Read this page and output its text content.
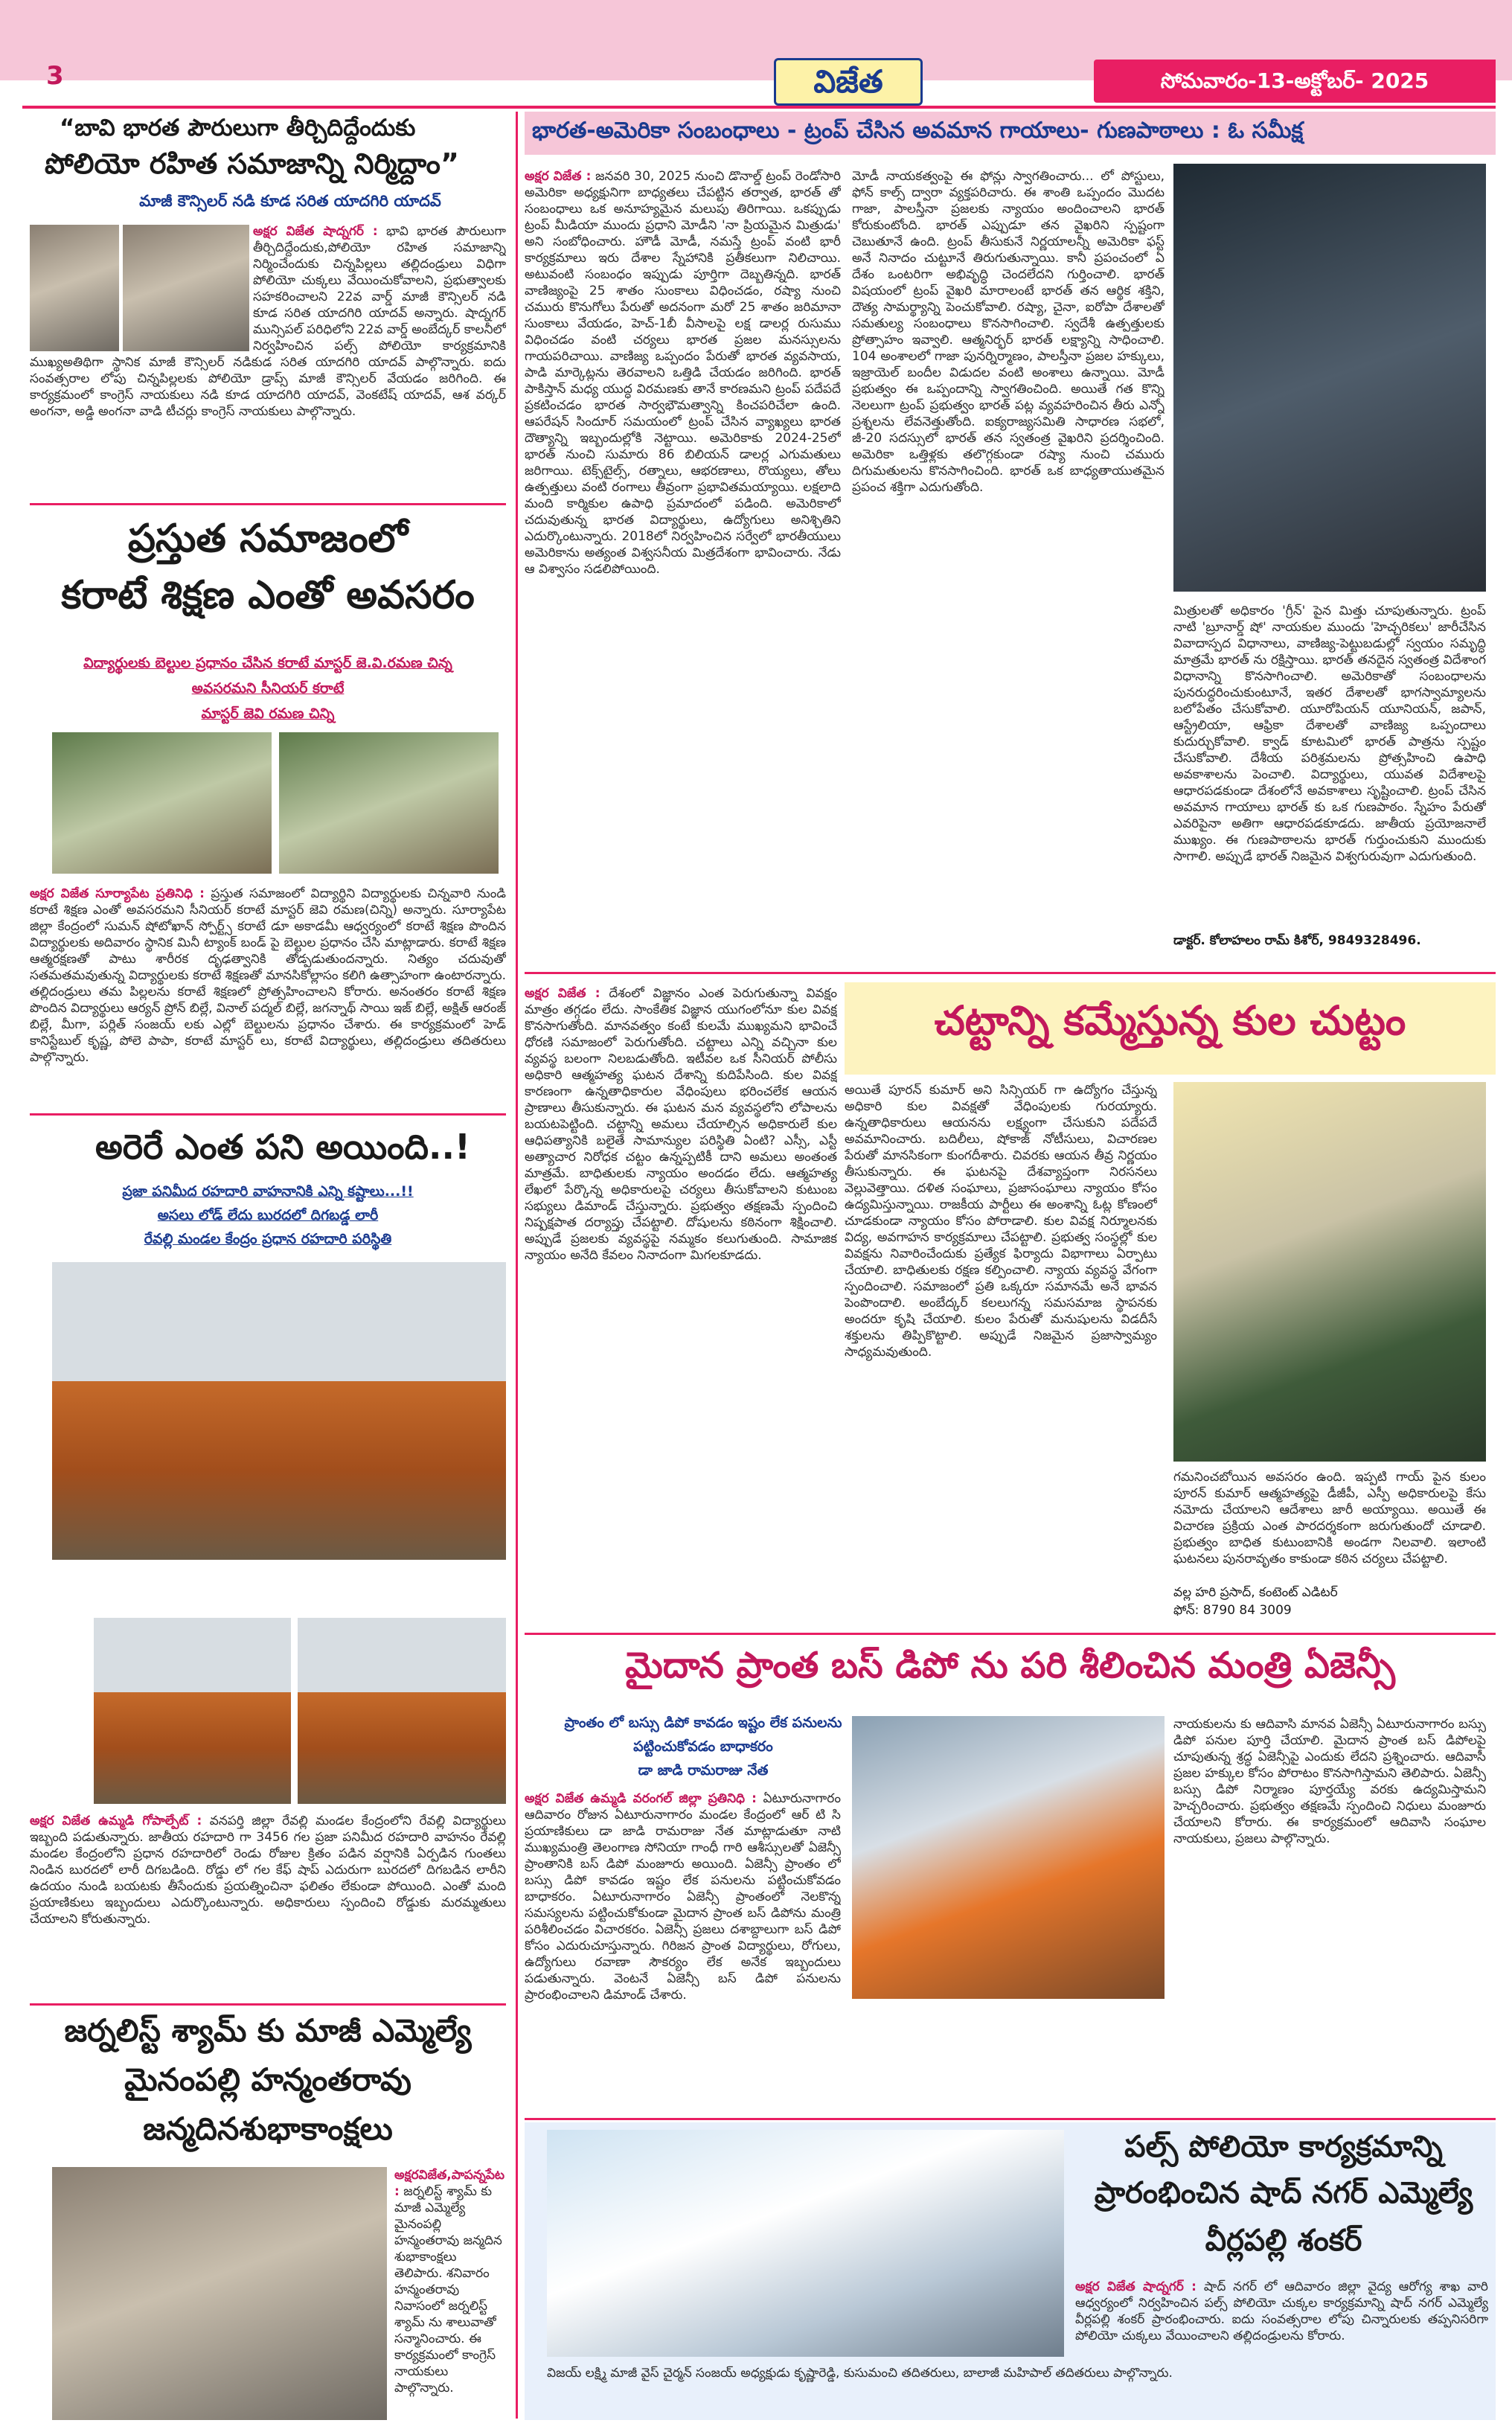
3	విజేత	సోమవారం-13-అక్టోబర్- 2025
“బావి భారత పౌరులుగా తీర్చిదిద్దేందుకు
పోలియో రహిత సమాజాన్ని నిర్మిద్దాం”
మాజీ కౌన్సిలర్ నడి కూడ సరిత యాదగిరి యాదవ్
అక్షర విజేత షాద్నగర్ : భావి భారత పౌరులుగా తీర్చిదిద్దేందుకు,పోలియో రహిత సమాజాన్ని నిర్మించేందుకు చిన్నపిల్లలు తల్లిదండ్రులు విధిగా పోలియో చుక్కలు వేయించుకోవాలని, ప్రభుత్వాలకు సహకరించాలని 22వ వార్డ్ మాజీ కౌన్సిలర్ నడి కూడ సరిత యాదగిరి యాదవ్ అన్నారు. షాద్నగర్ మున్సిపల్ పరిధిలోని 22వ వార్డ్ అంబేద్కర్ కాలనీలో నిర్వహించిన పల్స్ పోలియో కార్యక్రమానికి ముఖ్యఅతిథిగా స్థానిక మాజీ కౌన్సిలర్ నడికుడ సరిత యాదగిరి యాదవ్ పాల్గొన్నారు. ఐదు సంవత్సరాల లోపు చిన్నపిల్లలకు పోలియో డ్రాప్స్ మాజీ కౌన్సిలర్ వేయడం జరిగింది. ఈ కార్యక్రమంలో కాంగ్రెస్ నాయకులు నడి కూడ యాదగిరి యాదవ్, వెంకటేష్ యాదవ్, ఆశ వర్కర్ అంగనా, అడ్డి అంగనా వాడి టీచర్లు కాంగ్రెస్ నాయకులు పాల్గొన్నారు.
ప్రస్తుత సమాజంలో
కరాటే శిక్షణ ఎంతో అవసరం
విద్యార్థులకు బెల్టుల ప్రధానం చేసిన కరాటే మాస్టర్ జె.వి.రమణ చిన్న
అవసరమని సీనియర్ కరాటే
మాస్టర్ జెవి రమణ చిన్ని
అక్షర విజేత సూర్యాపేట ప్రతినిధి : ప్రస్తుత సమాజంలో విద్యార్థిని విద్యార్థులకు చిన్నవారి నుండి కరాటే శిక్షణ ఎంతో అవసరమని సీనియర్ కరాటే మాస్టర్ జెవి రమణ(చిన్ని) అన్నారు. సూర్యాపేట జిల్లా కేంద్రంలో సుమన్ షోటోఖాన్ స్పోర్ట్స్ కరాటే డూ అకాడమీ ఆధ్వర్యంలో కరాటే శిక్షణ పొందిన విద్యార్థులకు అదివారం స్థానిక మినీ ట్యాంక్ బండ్ పై బెల్టుల ప్రధానం చేసి మాట్లాడారు. కరాటే శిక్షణ ఆత్మరక్షణతో పాటు శారీరక దృఢత్వానికి తోడ్పడుతుందన్నారు. నిత్యం చదువుతో సతమతమవుతున్న విద్యార్థులకు కరాటే శిక్షణతో మానసికోల్లాసం కలిగి ఉత్సాహంగా ఉంటారన్నారు. తల్లిదండ్రులు తమ పిల్లలను కరాటే శిక్షణలో ప్రోత్సహించాలని కోరారు. అనంతరం కరాటే శిక్షణ పొందిన విద్యార్థులు ఆర్యన్ ప్రోన్ బిల్లే, వినాల్ పద్మల్ బిల్లే, జగన్నాథ్ సాయి ఇజ్ బిల్లే, అక్షిత్ ఆరంజ్ బిల్లే, మీగా, పర్లిత్ సంజయ్ లకు ఎల్లో బెల్టులను ప్రధానం చేశారు. ఈ కార్యక్రమంలో హెడ్ కానిస్టేబుల్ కృష్ణ, పోలె పాపా, కరాటే మాస్టర్ లు, కరాటే విద్యార్థులు, తల్లిదండ్రులు తదితరులు పాల్గొన్నారు.
అరెరే ఎంత పని అయింది..!
ప్రజా పనిమీద రహదారి వాహనానికి ఎన్ని కష్టాలు...!!
అసలు లోడ్ లేదు బురదలో దిగబడ్డ లారీ
రేవల్లి మండల కేంద్రం ప్రధాన రహదారి పరిస్థితి
అక్షర విజేత ఉమ్మడి గోపాల్పేట్ : వనపర్తి జిల్లా రేవల్లి మండల కేంద్రంలోని రేవల్లి విద్యార్థులు ఇబ్బంది పడుతున్నారు. జాతీయ రహదారి గా 3456 గల ప్రజా పనిమీద రహదారి వాహనం రేవల్లి మండల కేంద్రంలోని ప్రధాన రహదారిలో రెండు రోజుల క్రితం పడిన వర్షానికి ఏర్పడిన గుంతలు నిండిన బురదలో లారీ దిగబడింది. రోడ్డు లో గల కేఫ్ షాప్ ఎదురుగా బురదలో దిగబడిన లారీని ఉదయం నుండి బయటకు తీసేందుకు ప్రయత్నించినా ఫలితం లేకుండా పోయింది. ఎంతో మంది ప్రయాణికులు ఇబ్బందులు ఎదుర్కొంటున్నారు. అధికారులు స్పందించి రోడ్డుకు మరమ్మతులు చేయాలని కోరుతున్నారు.
జర్నలిస్ట్ శ్యామ్ కు మాజీ ఎమ్మెల్యే
మైనంపల్లి హన్మంతరావు
జన్మదినశుభాకాంక్షలు
అక్షరవిజేత,పాపన్నపేట : జర్నలిస్ట్ శ్యామ్ కు మాజీ ఎమ్మెల్యే మైనంపల్లి హన్మంతరావు జన్మదిన శుభాకాంక్షలు తెలిపారు. శనివారం హన్మంతరావు నివాసంలో జర్నలిస్ట్ శ్యామ్ ను శాలువాతో సన్మానించారు. ఈ కార్యక్రమంలో కాంగ్రెస్ నాయకులు పాల్గొన్నారు.
భారత-అమెరికా సంబంధాలు - ట్రంప్ చేసిన అవమాన గాయాలు- గుణపాఠాలు : ఓ సమీక్ష
అక్షర విజేత : జనవరి 30, 2025 నుంచి డొనాల్డ్ ట్రంప్ రెండోసారి అమెరికా అధ్యక్షునిగా బాధ్యతలు చేపట్టిన తర్వాత, భారత్ తో సంబంధాలు ఒక అనూహ్యమైన మలుపు తిరిగాయి. ఒకప్పుడు ట్రంప్ మీడియా ముందు ప్రధాని మోడీని 'నా ప్రియమైన మిత్రుడు' అని సంబోధించారు. హౌడీ మోడీ, నమస్తే ట్రంప్ వంటి భారీ కార్యక్రమాలు ఇరు దేశాల స్నేహానికి ప్రతీకలుగా నిలిచాయి. అటువంటి సంబంధం ఇప్పుడు పూర్తిగా దెబ్బతిన్నది. భారత్ వాణిజ్యంపై 25 శాతం సుంకాలు విధించడం, రష్యా నుంచి చమురు కొనుగోలు పేరుతో అదనంగా మరో 25 శాతం జరిమానా సుంకాలు వేయడం, హెచ్-1బీ వీసాలపై లక్ష డాలర్ల రుసుము విధించడం వంటి చర్యలు భారత ప్రజల మనస్సులను గాయపరిచాయి. వాణిజ్య ఒప్పందం పేరుతో భారత వ్యవసాయ, పాడి మార్కెట్లను తెరవాలని ఒత్తిడి చేయడం జరిగింది. భారత్ పాకిస్తాన్ మధ్య యుద్ధ విరమణకు తానే కారణమని ట్రంప్ పదేపదే ప్రకటించడం భారత సార్వభౌమత్వాన్ని కించపరిచేలా ఉంది. ఆపరేషన్ సిందూర్ సమయంలో ట్రంప్ చేసిన వ్యాఖ్యలు భారత దౌత్యాన్ని ఇబ్బందుల్లోకి నెట్టాయి. అమెరికాకు 2024-25లో భారత్ నుంచి సుమారు 86 బిలియన్ డాలర్ల ఎగుమతులు జరిగాయి. టెక్స్‌టైల్స్, రత్నాలు, ఆభరణాలు, రొయ్యలు, తోలు ఉత్పత్తులు వంటి రంగాలు తీవ్రంగా ప్రభావితమయ్యాయి. లక్షలాది మంది కార్మికుల ఉపాధి ప్రమాదంలో పడింది. అమెరికాలో చదువుతున్న భారత విద్యార్థులు, ఉద్యోగులు అనిశ్చితిని ఎదుర్కొంటున్నారు. 2018లో నిర్వహించిన సర్వేలో భారతీయులు అమెరికాను అత్యంత విశ్వసనీయ మిత్రదేశంగా భావించారు. నేడు ఆ విశ్వాసం సడలిపోయింది.
మోడీ నాయకత్వంపై ఈ ఫోన్లు స్వాగతించారు... లో పోస్టులు, ఫోన్ కాల్స్ ద్వారా వ్యక్తపరిచారు. ఈ శాంతి ఒప్పందం మొదట గాజా, పాలస్తీనా ప్రజలకు న్యాయం అందించాలని భారత్ కోరుకుంటోంది. భారత్ ఎప్పుడూ తన వైఖరిని స్పష్టంగా చెబుతూనే ఉంది. ట్రంప్ తీసుకునే నిర్ణయాలన్నీ అమెరికా ఫస్ట్ అనే నినాదం చుట్టూనే తిరుగుతున్నాయి. కానీ ప్రపంచంలో ఏ దేశం ఒంటరిగా అభివృద్ధి చెందలేదని గుర్తించాలి. భారత్ విషయంలో ట్రంప్ వైఖరి మారాలంటే భారత్ తన ఆర్థిక శక్తిని, దౌత్య సామర్థ్యాన్ని పెంచుకోవాలి. రష్యా, చైనా, ఐరోపా దేశాలతో సమతుల్య సంబంధాలు కొనసాగించాలి. స్వదేశీ ఉత్పత్తులకు ప్రోత్సాహం ఇవ్వాలి. ఆత్మనిర్భర్ భారత్ లక్ష్యాన్ని సాధించాలి. 104 అంశాలలో గాజా పునర్నిర్మాణం, పాలస్తీనా ప్రజల హక్కులు, ఇజ్రాయెల్ బందీల విడుదల వంటి అంశాలు ఉన్నాయి. మోడీ ప్రభుత్వం ఈ ఒప్పందాన్ని స్వాగతించింది. అయితే గత కొన్ని నెలలుగా ట్రంప్ ప్రభుత్వం భారత్ పట్ల వ్యవహరించిన తీరు ఎన్నో ప్రశ్నలను లేవనెత్తుతోంది. ఐక్యరాజ్యసమితి సాధారణ సభలో, జీ-20 సదస్సులో భారత్ తన స్వతంత్ర వైఖరిని ప్రదర్శించింది. అమెరికా ఒత్తిళ్లకు తలొగ్గకుండా రష్యా నుంచి చమురు దిగుమతులను కొనసాగించింది. భారత్ ఒక బాధ్యతాయుతమైన ప్రపంచ శక్తిగా ఎదుగుతోంది.
మిత్రులతో అధికారం 'గ్రీన్' పైన మిత్తు చూపుతున్నారు. ట్రంప్ నాటి 'బ్రూనార్డ్ షో' నాయకుల ముందు 'హెచ్చరికలు' జారీచేసిన వివాదాస్పద విధానాలు, వాణిజ్య-పెట్టుబడుల్లో స్వయం సమృద్ధి మాత్రమే భారత్ ను రక్షిస్తాయి. భారత్ తనదైన స్వతంత్ర విదేశాంగ విధానాన్ని కొనసాగించాలి. అమెరికాతో సంబంధాలను పునరుద్ధరించుకుంటూనే, ఇతర దేశాలతో భాగస్వామ్యాలను బలోపేతం చేసుకోవాలి. యూరోపియన్ యూనియన్, జపాన్, ఆస్ట్రేలియా, ఆఫ్రికా దేశాలతో వాణిజ్య ఒప్పందాలు కుదుర్చుకోవాలి. క్వాడ్ కూటమిలో భారత్ పాత్రను స్పష్టం చేసుకోవాలి. దేశీయ పరిశ్రమలను ప్రోత్సహించి ఉపాధి అవకాశాలను పెంచాలి. విద్యార్థులు, యువత విదేశాలపై ఆధారపడకుండా దేశంలోనే అవకాశాలు సృష్టించాలి. ట్రంప్ చేసిన అవమాన గాయాలు భారత్ కు ఒక గుణపాఠం. స్నేహం పేరుతో ఎవరిపైనా అతిగా ఆధారపడకూడదు. జాతీయ ప్రయోజనాలే ముఖ్యం. ఈ గుణపాఠాలను భారత్ గుర్తుంచుకుని ముందుకు సాగాలి. అప్పుడే భారత్ నిజమైన విశ్వగురువుగా ఎదుగుతుంది.
డాక్టర్. కోలాహలం రామ్ కిశోర్, 9849328496.
అక్షర విజేత : దేశంలో విజ్ఞానం ఎంత పెరుగుతున్నా వివక్షం మాత్రం తగ్గడం లేదు. సాంకేతిక విజ్ఞాన యుగంలోనూ కుల వివక్ష కొనసాగుతోంది. మానవత్వం కంటే కులమే ముఖ్యమని భావించే ధోరణి సమాజంలో పెరుగుతోంది. చట్టాలు ఎన్ని వచ్చినా కుల వ్యవస్థ బలంగా నిలబడుతోంది. ఇటీవల ఒక సీనియర్ పోలీసు అధికారి ఆత్మహత్య ఘటన దేశాన్ని కుదిపేసింది. కుల వివక్ష కారణంగా ఉన్నతాధికారుల వేధింపులు భరించలేక ఆయన ప్రాణాలు తీసుకున్నారు. ఈ ఘటన మన వ్యవస్థలోని లోపాలను బయటపెట్టింది. చట్టాన్ని అమలు చేయాల్సిన అధికారులే కుల ఆధిపత్యానికి బలైతే సామాన్యుల పరిస్థితి ఏంటి? ఎస్సీ, ఎస్టీ అత్యాచార నిరోధక చట్టం ఉన్నప్పటికీ దాని అమలు అంతంత మాత్రమే. బాధితులకు న్యాయం అందడం లేదు. ఆత్మహత్య లేఖలో పేర్కొన్న అధికారులపై చర్యలు తీసుకోవాలని కుటుంబ సభ్యులు డిమాండ్ చేస్తున్నారు. ప్రభుత్వం తక్షణమే స్పందించి నిష్పక్షపాత దర్యాప్తు చేపట్టాలి. దోషులను కఠినంగా శిక్షించాలి. అప్పుడే ప్రజలకు వ్యవస్థపై నమ్మకం కలుగుతుంది. సామాజిక న్యాయం అనేది కేవలం నినాదంగా మిగలకూడదు.
చట్టాన్ని కమ్మేస్తున్న కుల చుట్టం
అయితే పూరన్ కుమార్ అని సిన్సియర్ గా ఉద్యోగం చేస్తున్న అధికారి కుల వివక్షతో వేధింపులకు గురయ్యారు. ఉన్నతాధికారులు ఆయనను లక్ష్యంగా చేసుకుని పదేపదే అవమానించారు. బదిలీలు, షోకాజ్ నోటీసులు, విచారణల పేరుతో మానసికంగా కుంగదీశారు. చివరకు ఆయన తీవ్ర నిర్ణయం తీసుకున్నారు. ఈ ఘటనపై దేశవ్యాప్తంగా నిరసనలు వెల్లువెత్తాయి. దళిత సంఘాలు, ప్రజాసంఘాలు న్యాయం కోసం ఉద్యమిస్తున్నాయి. రాజకీయ పార్టీలు ఈ అంశాన్ని ఓట్ల కోణంలో చూడకుండా న్యాయం కోసం పోరాడాలి. కుల వివక్ష నిర్మూలనకు విద్య, అవగాహన కార్యక్రమాలు చేపట్టాలి. ప్రభుత్వ సంస్థల్లో కుల వివక్షను నివారించేందుకు ప్రత్యేక ఫిర్యాదు విభాగాలు ఏర్పాటు చేయాలి. బాధితులకు రక్షణ కల్పించాలి. న్యాయ వ్యవస్థ వేగంగా స్పందించాలి. సమాజంలో ప్రతి ఒక్కరూ సమానమే అనే భావన పెంపొందాలి. అంబేద్కర్ కలలుగన్న సమసమాజ స్థాపనకు అందరూ కృషి చేయాలి. కులం పేరుతో మనుషులను విడదీసే శక్తులను తిప్పికొట్టాలి. అప్పుడే నిజమైన ప్రజాస్వామ్యం సాధ్యమవుతుంది.
గమనించబోయిన అవసరం ఉంది. ఇప్పటి గాయ్ పైన కులం పూరన్ కుమార్ ఆత్మహత్యపై డీజీపీ, ఎస్పీ అధికారులపై కేసు నమోదు చేయాలని ఆదేశాలు జారీ అయ్యాయి. అయితే ఈ విచారణ ప్రక్రియ ఎంత పారదర్శకంగా జరుగుతుందో చూడాలి. ప్రభుత్వం బాధిత కుటుంబానికి అండగా నిలవాలి. ఇలాంటి ఘటనలు పునరావృతం కాకుండా కఠిన చర్యలు చేపట్టాలి.
వల్ల హరి ప్రసాద్, కంటెంట్ ఎడిటర్
ఫోన్: 8790 84 3009
మైదాన ప్రాంత బస్ డిపో ను పరి శీలించిన మంత్రి ఏజెన్సీ
ప్రాంతం లో బస్సు డిపో కావడం ఇష్టం లేక పనులను
పట్టించుకోవడం బాధాకరం
డా జాడి రామరాజు నేత
అక్షర విజేత ఉమ్మడి వరంగల్ జిల్లా ప్రతినిధి : ఏటూరునాగారం ఆదివారం రోజున ఏటూరునాగారం మండల కేంద్రంలో ఆర్ టి సి ప్రయాణికులు డా జాడి రామరాజు నేత మాట్లాడుతూ నాటి ముఖ్యమంత్రి తెలంగాణ సోనియా గాంధీ గారి ఆశీస్సులతో ఏజెన్సీ ప్రాంతానికి బస్ డిపో మంజూరు అయింది. ఏజెన్సీ ప్రాంతం లో బస్సు డిపో కావడం ఇష్టం లేక పనులను పట్టించుకోవడం బాధాకరం. ఏటూరునాగారం ఏజెన్సీ ప్రాంతంలో నెలకొన్న సమస్యలను పట్టించుకోకుండా మైదాన ప్రాంత బస్ డిపోను మంత్రి పరిశీలించడం విచారకరం. ఏజెన్సీ ప్రజలు దశాబ్దాలుగా బస్ డిపో కోసం ఎదురుచూస్తున్నారు. గిరిజన ప్రాంత విద్యార్థులు, రోగులు, ఉద్యోగులు రవాణా సౌకర్యం లేక అనేక ఇబ్బందులు పడుతున్నారు. వెంటనే ఏజెన్సీ బస్ డిపో పనులను ప్రారంభించాలని డిమాండ్ చేశారు.
నాయకులను కు ఆదివాసి మానవ ఏజెన్సీ ఏటూరునాగారం బస్సు డిపో పనుల పూర్తి చేయాలి. మైదాన ప్రాంత బస్ డిపోలపై చూపుతున్న శ్రద్ధ ఏజెన్సీపై ఎందుకు లేదని ప్రశ్నించారు. ఆదివాసీ ప్రజల హక్కుల కోసం పోరాటం కొనసాగిస్తామని తెలిపారు. ఏజెన్సీ బస్సు డిపో నిర్మాణం పూర్తయ్యే వరకు ఉద్యమిస్తామని హెచ్చరించారు. ప్రభుత్వం తక్షణమే స్పందించి నిధులు మంజూరు చేయాలని కోరారు. ఈ కార్యక్రమంలో ఆదివాసి సంఘాల నాయకులు, ప్రజలు పాల్గొన్నారు.
పల్స్ పోలియో కార్యక్రమాన్ని
ప్రారంభించిన షాద్ నగర్ ఎమ్మెల్యే
వీర్లపల్లి శంకర్
అక్షర విజేత షాద్నగర్ : షాద్ నగర్ లో ఆదివారం జిల్లా వైద్య ఆరోగ్య శాఖ వారి ఆధ్వర్యంలో నిర్వహించిన పల్స్ పోలియో చుక్కల కార్యక్రమాన్ని షాద్ నగర్ ఎమ్మెల్యే వీర్లపల్లి శంకర్ ప్రారంభించారు. ఐదు సంవత్సరాల లోపు చిన్నారులకు తప్పనిసరిగా పోలియో చుక్కలు వేయించాలని తల్లిదండ్రులను కోరారు.
విజయ్ లక్ష్మి మాజీ వైస్ చైర్మన్ సంజయ్ అధ్యక్షుడు కృష్ణారెడ్డి, కుసుమంచి తదితరులు, బాలాజీ మహిపాల్ తదితరులు పాల్గొన్నారు.
